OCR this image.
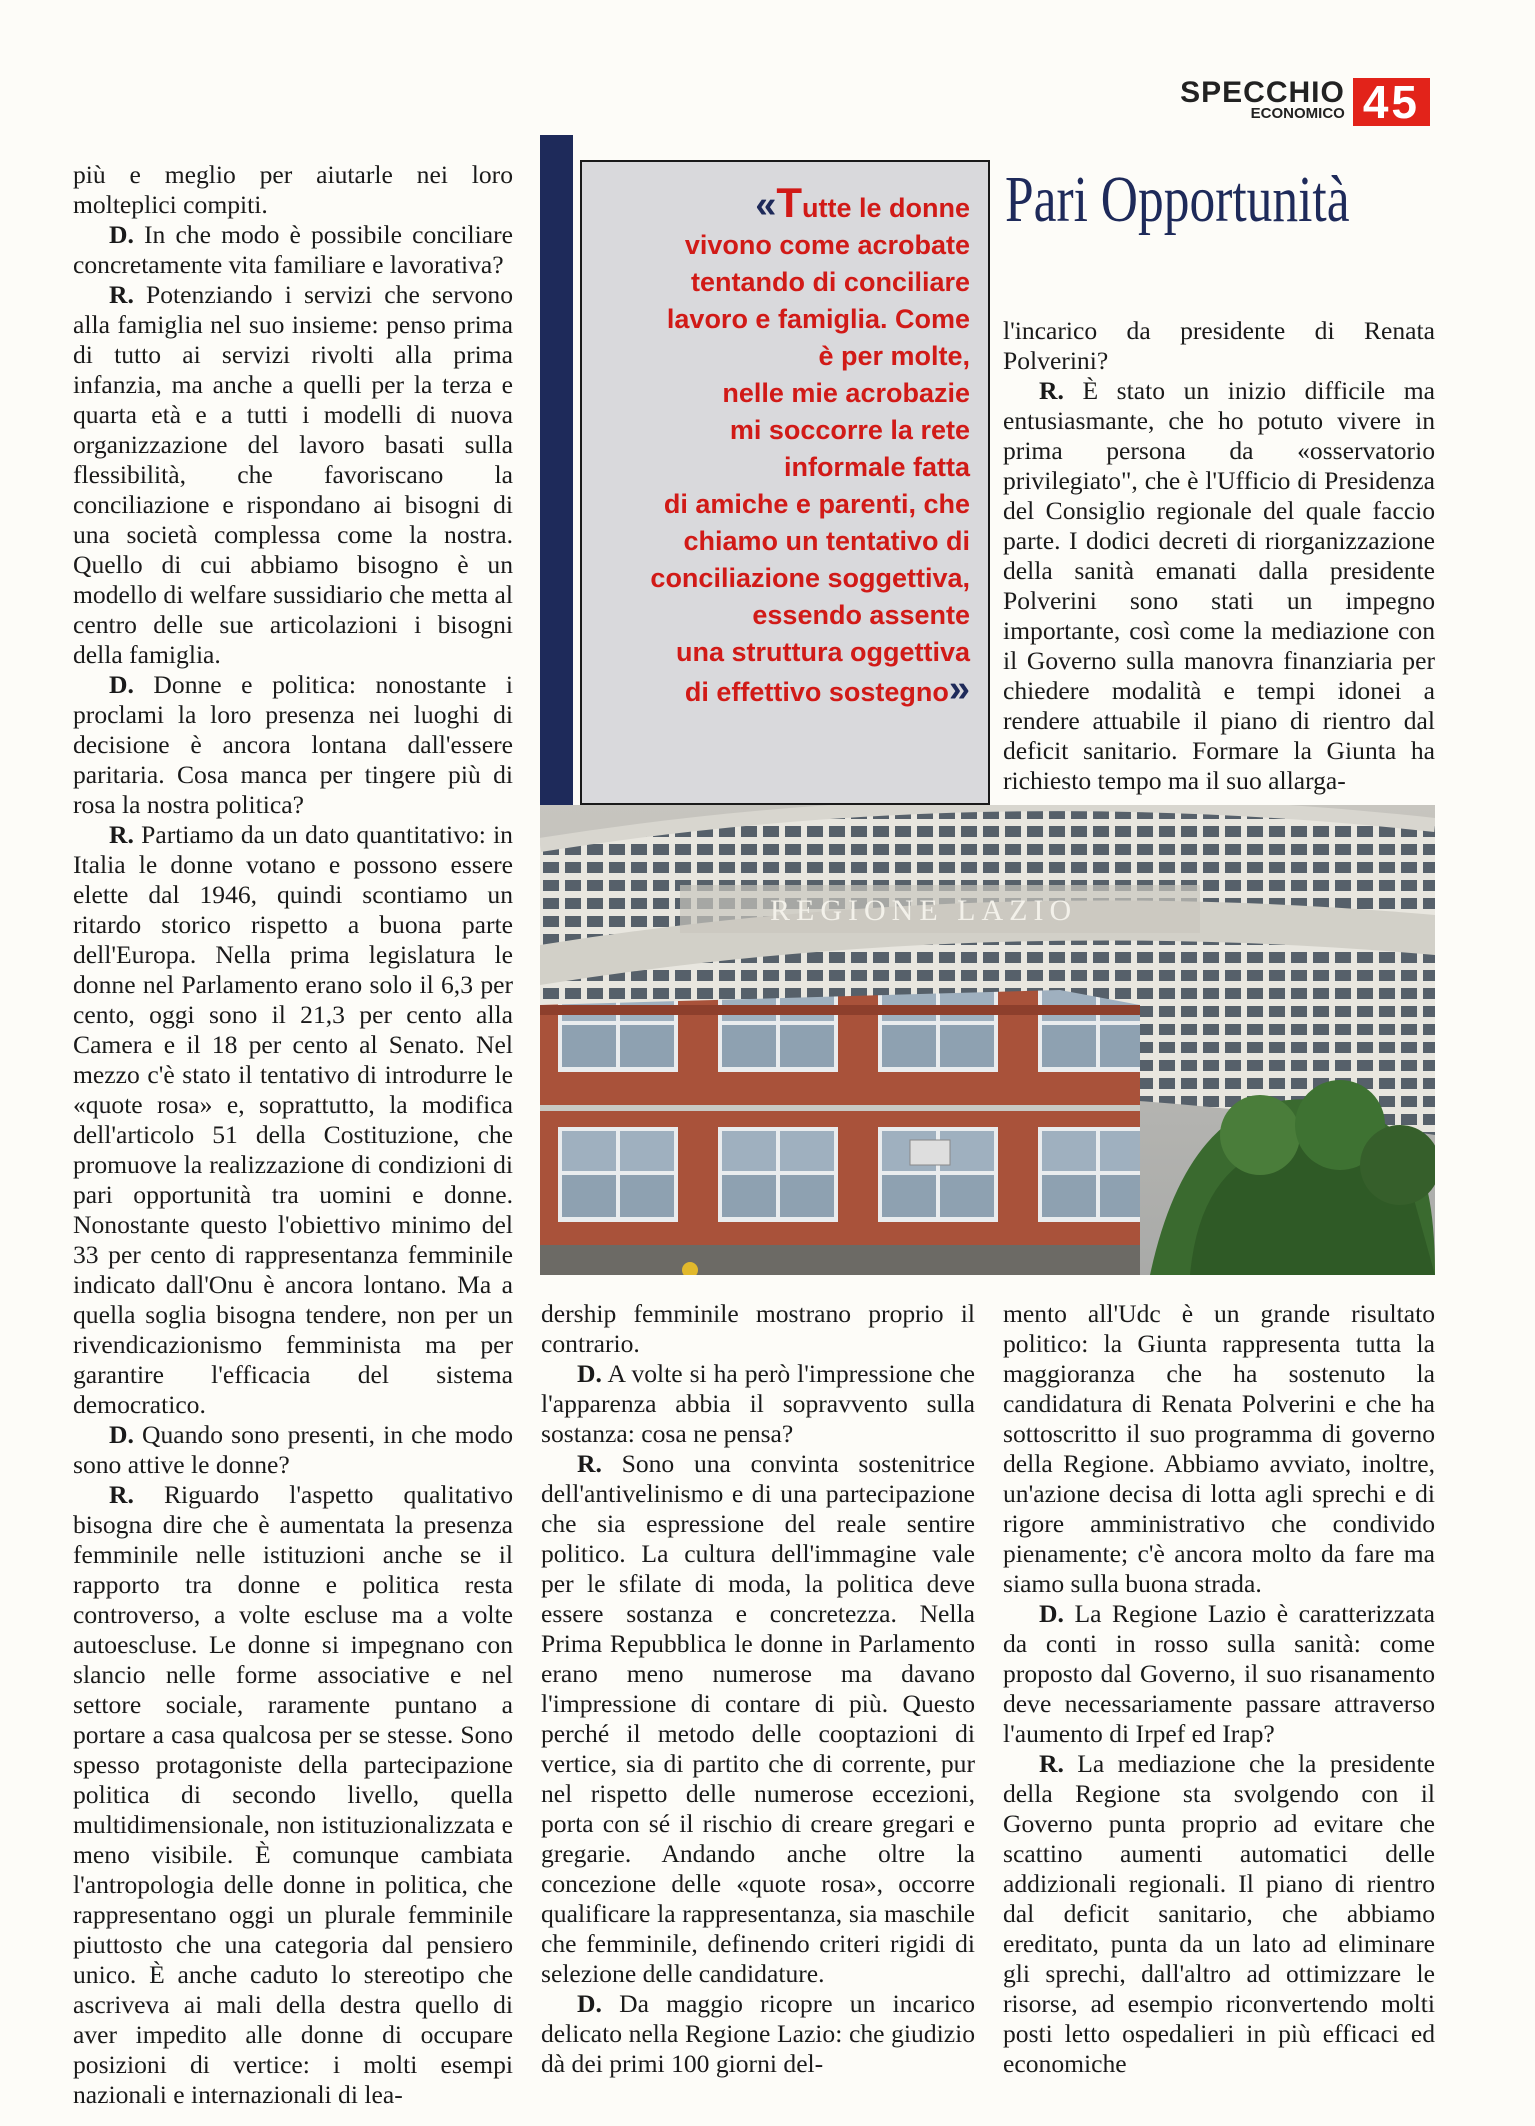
SPECCHIO
ECONOMICO 45
Pari Opportunità

più e meglio per aiutarle nei loro molteplici compiti.

D. In che modo è possibile conciliare concretamente vita familiare e lavorativa?

R. Potenziando i servizi che servono alla famiglia nel suo insieme: penso prima di tutto ai servizi rivolti alla prima infanzia, ma anche a quelli per la terza e quarta età e a tutti i modelli di nuova organizzazione del lavoro basati sulla flessibilità, che favoriscano la conciliazione e rispondano ai bisogni di una società complessa come la nostra. Quello di cui abbiamo bisogno è un modello di welfare sussidiario che metta al centro delle sue articolazioni i bisogni della famiglia.

D. Donne e politica: nonostante i proclami la loro presenza nei luoghi di decisione è ancora lontana dall'essere paritaria. Cosa manca per tingere più di rosa la nostra politica?

R. Partiamo da un dato quantitativo: in Italia le donne votano e possono essere elette dal 1946, quindi scontiamo un ritardo storico rispetto a buona parte dell'Europa. Nella prima legislatura le donne nel Parlamento erano solo il 6,3 per cento, oggi sono il 21,3 per cento alla Camera e il 18 per cento al Senato. Nel mezzo c'è stato il tentativo di introdurre le «quote rosa» e, soprattutto, la modifica dell'articolo 51 della Costituzione, che promuove la realizzazione di condizioni di pari opportunità tra uomini e donne. Nonostante questo l'obiettivo minimo del 33 per cento di rappresentanza femminile indicato dall'Onu è ancora lontano. Ma a quella soglia bisogna tendere, non per un rivendicazionismo femminista ma per garantire l'efficacia del sistema democratico.

D. Quando sono presenti, in che modo sono attive le donne?

R. Riguardo l'aspetto qualitativo bisogna dire che è aumentata la presenza femminile nelle istituzioni anche se il rapporto tra donne e politica resta controverso, a volte escluse ma a volte autoescluse. Le donne si impegnano con slancio nelle forme associative e nel settore sociale, raramente puntano a portare a casa qualcosa per se stesse. Sono spesso protagoniste della partecipazione politica di secondo livello, quella multidimensionale, non istituzionalizzata e meno visibile. È comunque cambiata l'antropologia delle donne in politica, che rappresentano oggi un plurale femminile piuttosto che una categoria dal pensiero unico. È anche caduto lo stereotipo che ascriveva ai mali della destra quello di aver impedito alle donne di occupare posizioni di vertice: i molti esempi nazionali e internazionali di lea-

«Tutte le donne
vivono come acrobate
tentando di conciliare
lavoro e famiglia. Come
è per molte,
nelle mie acrobazie
mi soccorre la rete
informale fatta
di amiche e parenti, che
chiamo un tentativo di
conciliazione soggettiva,
essendo assente
una struttura oggettiva
di effettivo sostegno»

l'incarico da presidente di Renata Polverini?

R. È stato un inizio difficile ma entusiasmante, che ho potuto vivere in prima persona da «osservatorio privilegiato", che è l'Ufficio di Presidenza del Consiglio regionale del quale faccio parte. I dodici decreti di riorganizzazione della sanità emanati dalla presidente Polverini sono stati un impegno importante, così come la mediazione con il Governo sulla manovra finanziaria per chiedere modalità e tempi idonei a rendere attuabile il piano di rientro dal deficit sanitario. Formare la Giunta ha richiesto tempo ma il suo allarga-

REGIONE LAZIO

dership femminile mostrano proprio il contrario.

D. A volte si ha però l'impressione che l'apparenza abbia il sopravvento sulla sostanza: cosa ne pensa?

R. Sono una convinta sostenitrice dell'antivelinismo e di una partecipazione che sia espressione del reale sentire politico. La cultura dell'immagine vale per le sfilate di moda, la politica deve essere sostanza e concretezza. Nella Prima Repubblica le donne in Parlamento erano meno numerose ma davano l'impressione di contare di più. Questo perché il metodo delle cooptazioni di vertice, sia di partito che di corrente, pur nel rispetto delle numerose eccezioni, porta con sé il rischio di creare gregari e gregarie. Andando anche oltre la concezione delle «quote rosa», occorre qualificare la rappresentanza, sia maschile che femminile, definendo criteri rigidi di selezione delle candidature.

D. Da maggio ricopre un incarico delicato nella Regione Lazio: che giudizio dà dei primi 100 giorni del-

mento all'Udc è un grande risultato politico: la Giunta rappresenta tutta la maggioranza che ha sostenuto la candidatura di Renata Polverini e che ha sottoscritto il suo programma di governo della Regione. Abbiamo avviato, inoltre, un'azione decisa di lotta agli sprechi e di rigore amministrativo che condivido pienamente; c'è ancora molto da fare ma siamo sulla buona strada.

D. La Regione Lazio è caratterizzata da conti in rosso sulla sanità: come proposto dal Governo, il suo risanamento deve necessariamente passare attraverso l'aumento di Irpef ed Irap?

R. La mediazione che la presidente della Regione sta svolgendo con il Governo punta proprio ad evitare che scattino aumenti automatici delle addizionali regionali. Il piano di rientro dal deficit sanitario, che abbiamo ereditato, punta da un lato ad eliminare gli sprechi, dall'altro ad ottimizzare le risorse, ad esempio riconvertendo molti posti letto ospedalieri in più efficaci ed economiche
